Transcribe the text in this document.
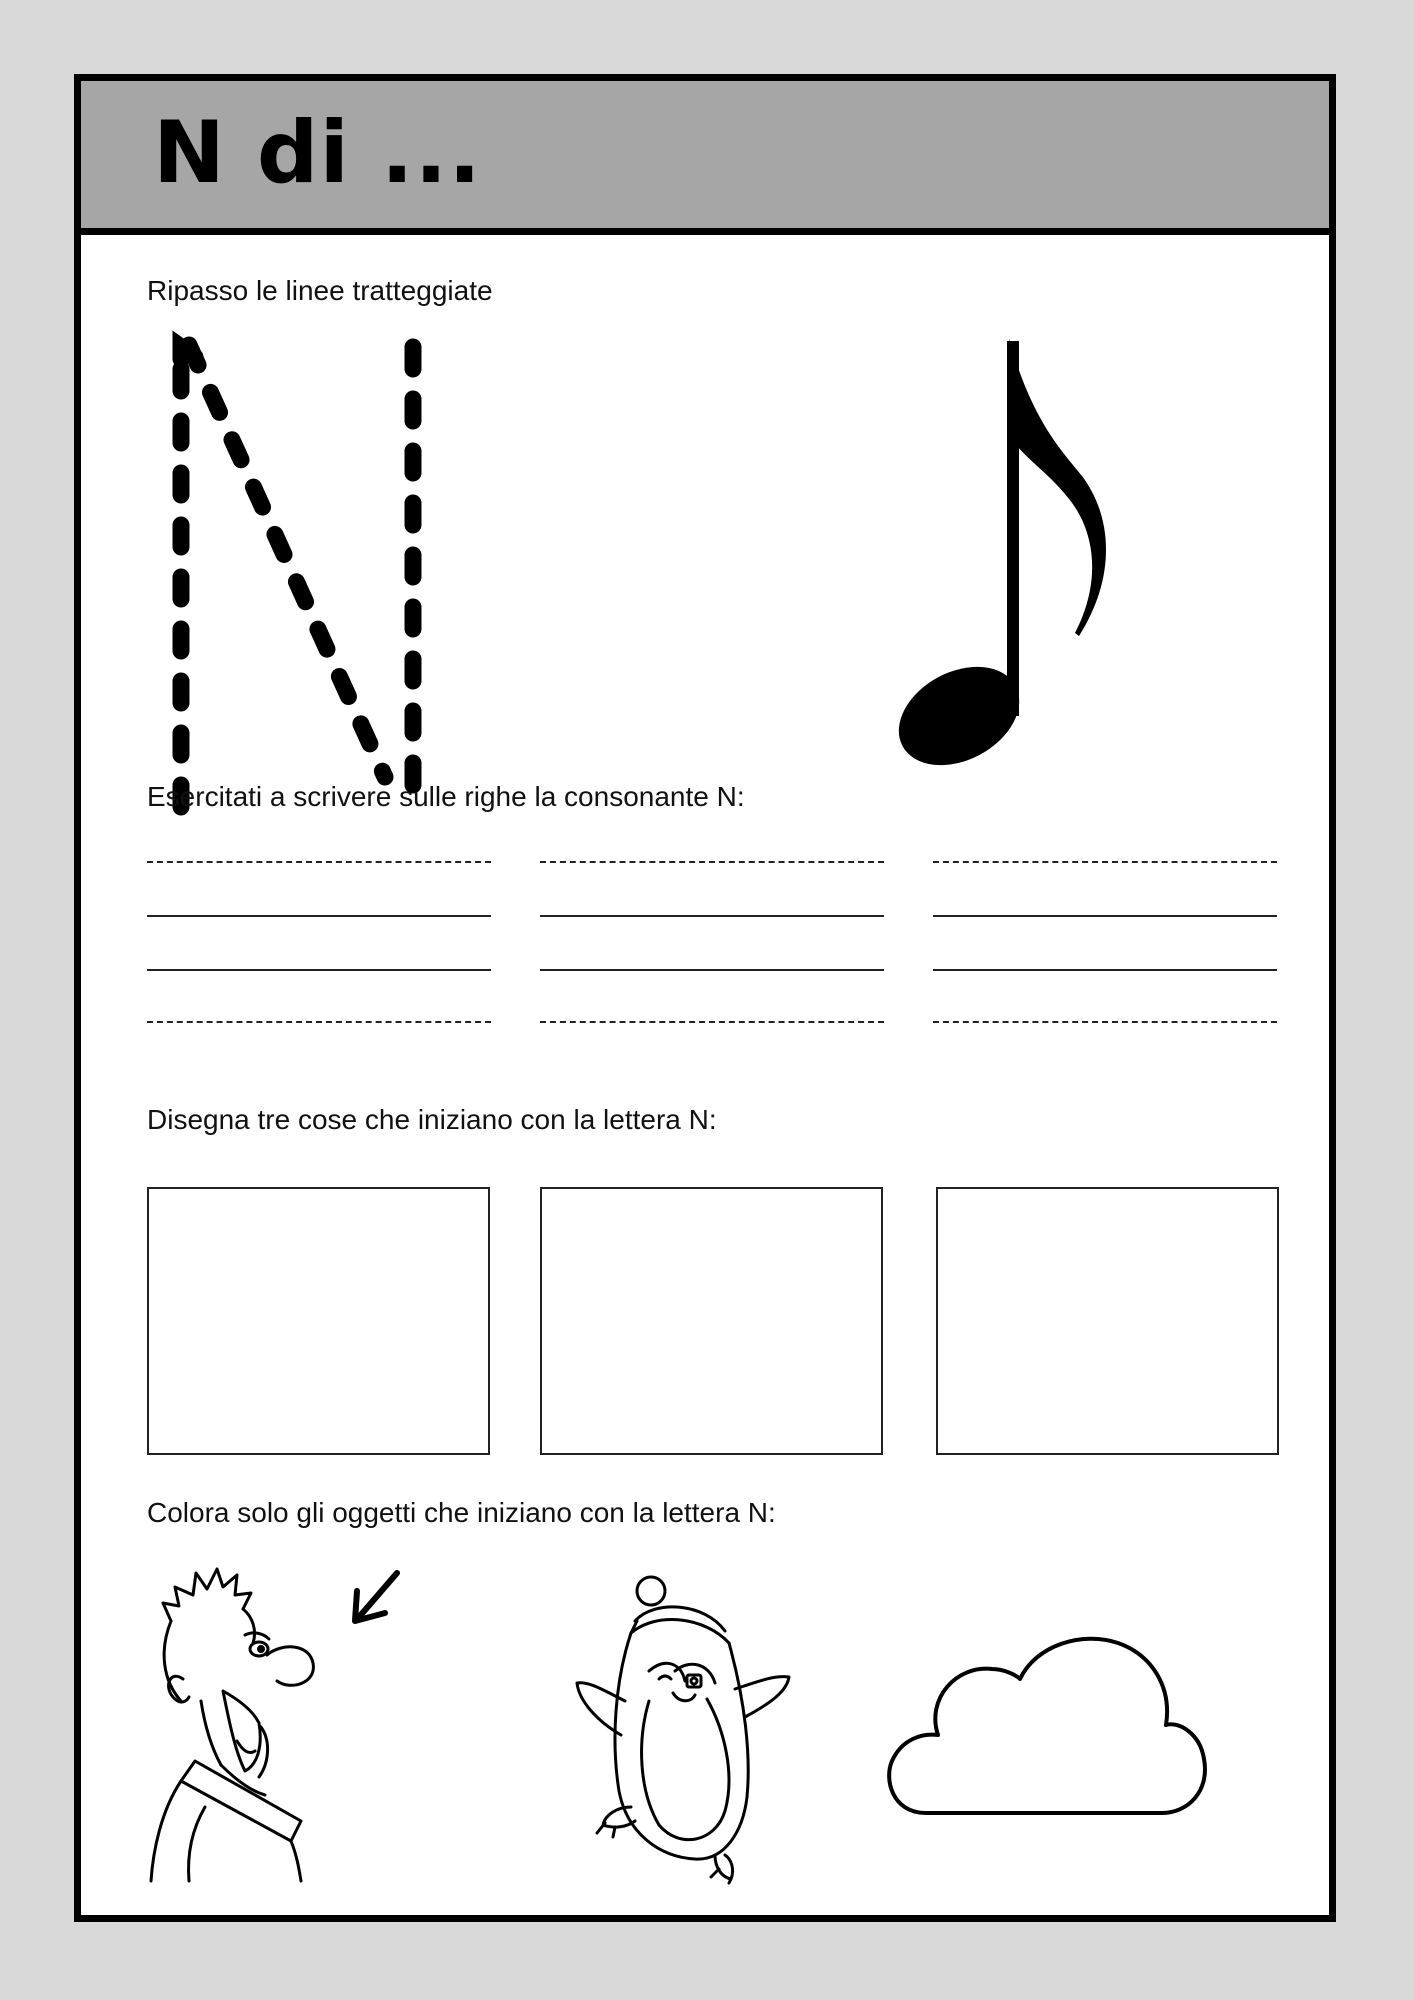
N di ...
Ripasso le linee tratteggiate
Esercitati a scrivere sulle righe la consonante N:
Disegna tre cose che iniziano con la lettera N:
Colora solo gli oggetti che iniziano con la lettera N:
